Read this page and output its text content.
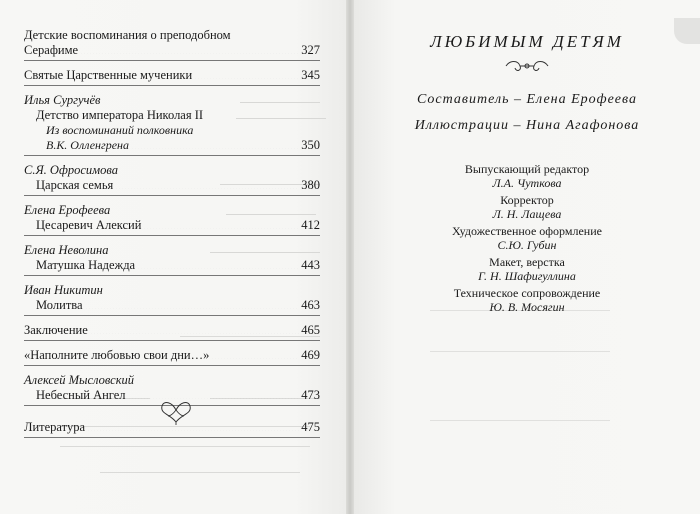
Детские воспоминания о преподобном
Серафиме	327
Святые Царственные мученики	345
Илья Сургучёв
Детство императора Николая II
Из воспоминаний полковника
В.К. Олленгрена	350
С.Я. Офросимова
Царская семья	380
Елена Ерофеева
Цесаревич Алексий	412
Елена Неволина
Матушка Надежда	443
Иван Никитин
Молитва	463
Заключение	465
«Наполните любовью свои дни…»	469
Алексей Мысловский
Небесный Ангел	473
Литература	475
ЛЮБИМЫМ ДЕТЯМ
Составитель – Елена Ерофеева
Иллюстрации – Нина Агафонова
Выпускающий редактор
Л.А. Чуткова
Корректор
Л. Н. Лащева
Художественное оформление
С.Ю. Губин
Макет, верстка
Г. Н. Шафигуллина
Техническое сопровождение
Ю. В. Мосягин
